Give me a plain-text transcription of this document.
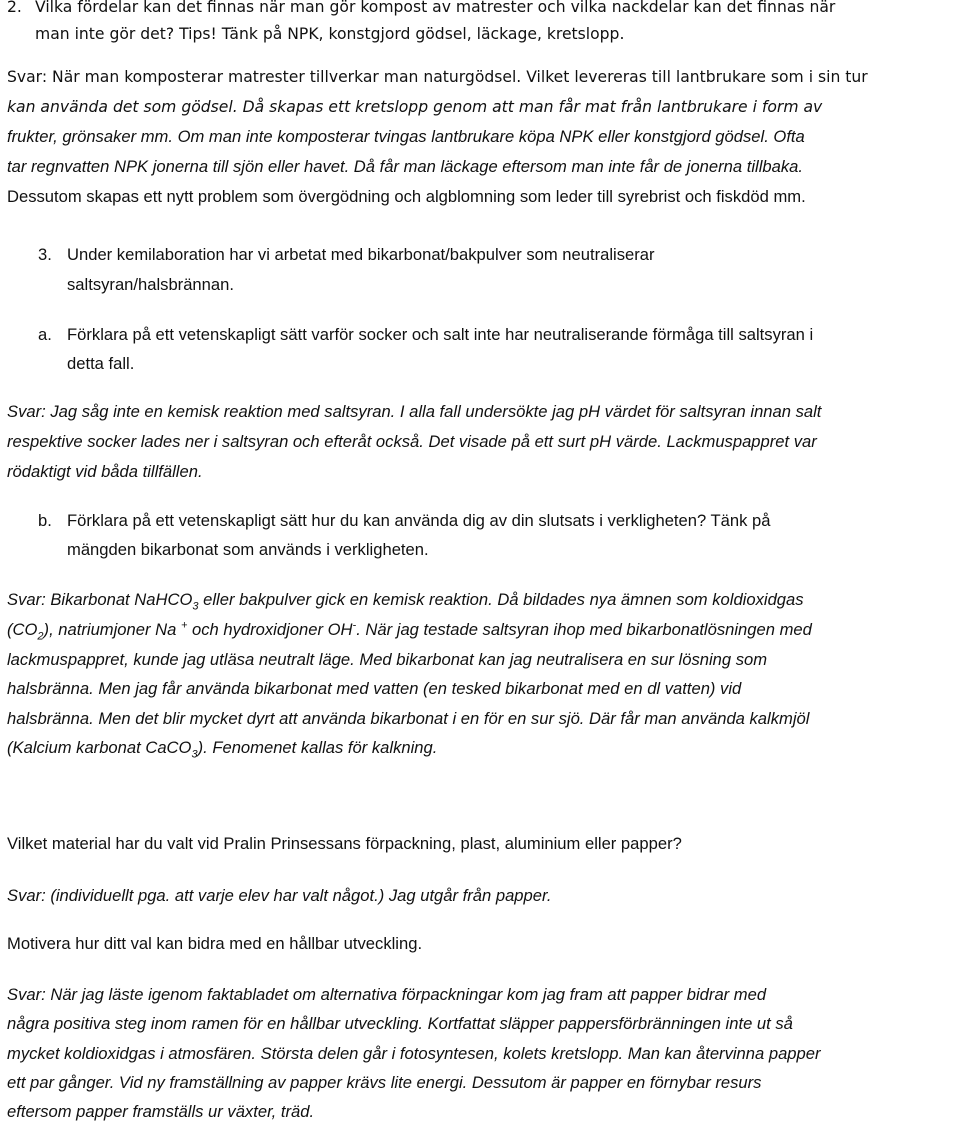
2. Vilka fördelar kan det finnas när man gör kompost av matrester och vilka nackdelar kan det finnas när
man inte gör det? Tips! Tänk på NPK, konstgjord gödsel, läckage, kretslopp.
Svar: När man komposterar matrester tillverkar man naturgödsel. Vilket levereras till lantbrukare som i sin tur
kan använda det som gödsel. Då skapas ett kretslopp genom att man får mat från lantbrukare i form av
frukter, grönsaker mm. Om man inte komposterar tvingas lantbrukare köpa NPK eller konstgjord gödsel. Ofta
tar regnvatten NPK jonerna till sjön eller havet. Då får man läckage eftersom man inte får de jonerna tillbaka.
Dessutom skapas ett nytt problem som övergödning och algblomning som leder till syrebrist och fiskdöd mm.
3. Under kemilaboration har vi arbetat med bikarbonat/bakpulver som neutraliserar
saltsyran/halsbrännan.
a. Förklara på ett vetenskapligt sätt varför socker och salt inte har neutraliserande förmåga till saltsyran i
detta fall.
Svar: Jag såg inte en kemisk reaktion med saltsyran. I alla fall undersökte jag pH värdet för saltsyran innan salt
respektive socker lades ner i saltsyran och efteråt också. Det visade på ett surt pH värde. Lackmuspappret var
rödaktigt vid båda tillfällen.
b. Förklara på ett vetenskapligt sätt hur du kan använda dig av din slutsats i verkligheten? Tänk på
mängden bikarbonat som används i verkligheten.
Svar: Bikarbonat NaHCO$_3$ eller bakpulver gick en kemisk reaktion. Då bildades nya ämnen som koldioxidgas
$(CO_2)$, natriumjoner Na + och hydroxidjoner OH-. När jag testade saltsyran ihop med bikarbonatlösningen med
lackmuspappret, kunde jag utläsa neutralt läge. Med bikarbonat kan jag neutralisera en sur lösning som
halsbränna. Men jag får använda bikarbonat med vatten (en tesked bikarbonat med en dl vatten) vid
halsbränna. Men det blir mycket dyrt att använda bikarbonat i en för en sur sjö. Där får man använda kalkmjöl
(Kalcium karbonat CaCO$_3$). Fenomenet kallas för kalkning.
Vilket material har du valt vid Pralin Prinsessans förpackning, plast, aluminium eller papper?
Svar: (individuellt pga. att varje elev har valt något.) Jag utgår från papper.
Motivera hur ditt val kan bidra med en hållbar utveckling.
Svar: När jag läste igenom faktabladet om alternativa förpackningar kom jag fram att papper bidrar med
några positiva steg inom ramen för en hållbar utveckling. Kortfattat släpper pappersförbränningen inte ut så
mycket koldioxidgas i atmosfären. Största delen går i fotosyntesen, kolets kretslopp. Man kan återvinna papper
ett par gånger. Vid ny framställning av papper krävs lite energi. Dessutom är papper en förnybar resurs
eftersom papper framställs ur växter, träd.
